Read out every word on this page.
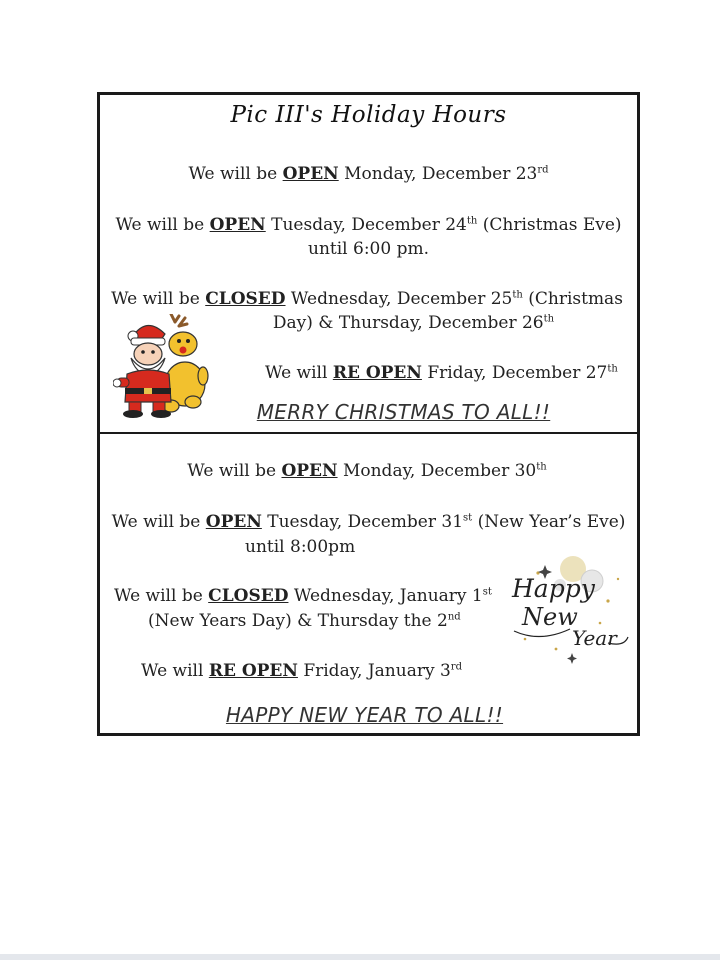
Pic III's Holiday Hours
We will be OPEN Monday, December 23rd
We will be OPEN Tuesday, December 24th (Christmas Eve)
until 6:00 pm.
We will be CLOSED Wednesday, December 25th (Christmas
Day) & Thursday, December 26th
We will RE OPEN Friday, December 27th
MERRY CHRISTMAS TO ALL!!
We will be OPEN Monday, December 30th
We will be OPEN Tuesday, December 31st (New Year’s Eve)
until 8:00pm
We will be CLOSED Wednesday, January 1st
(New Years Day) & Thursday the 2nd
We will RE OPEN Friday, January 3rd
HAPPY NEW YEAR TO ALL!!
Happy
New
Year
